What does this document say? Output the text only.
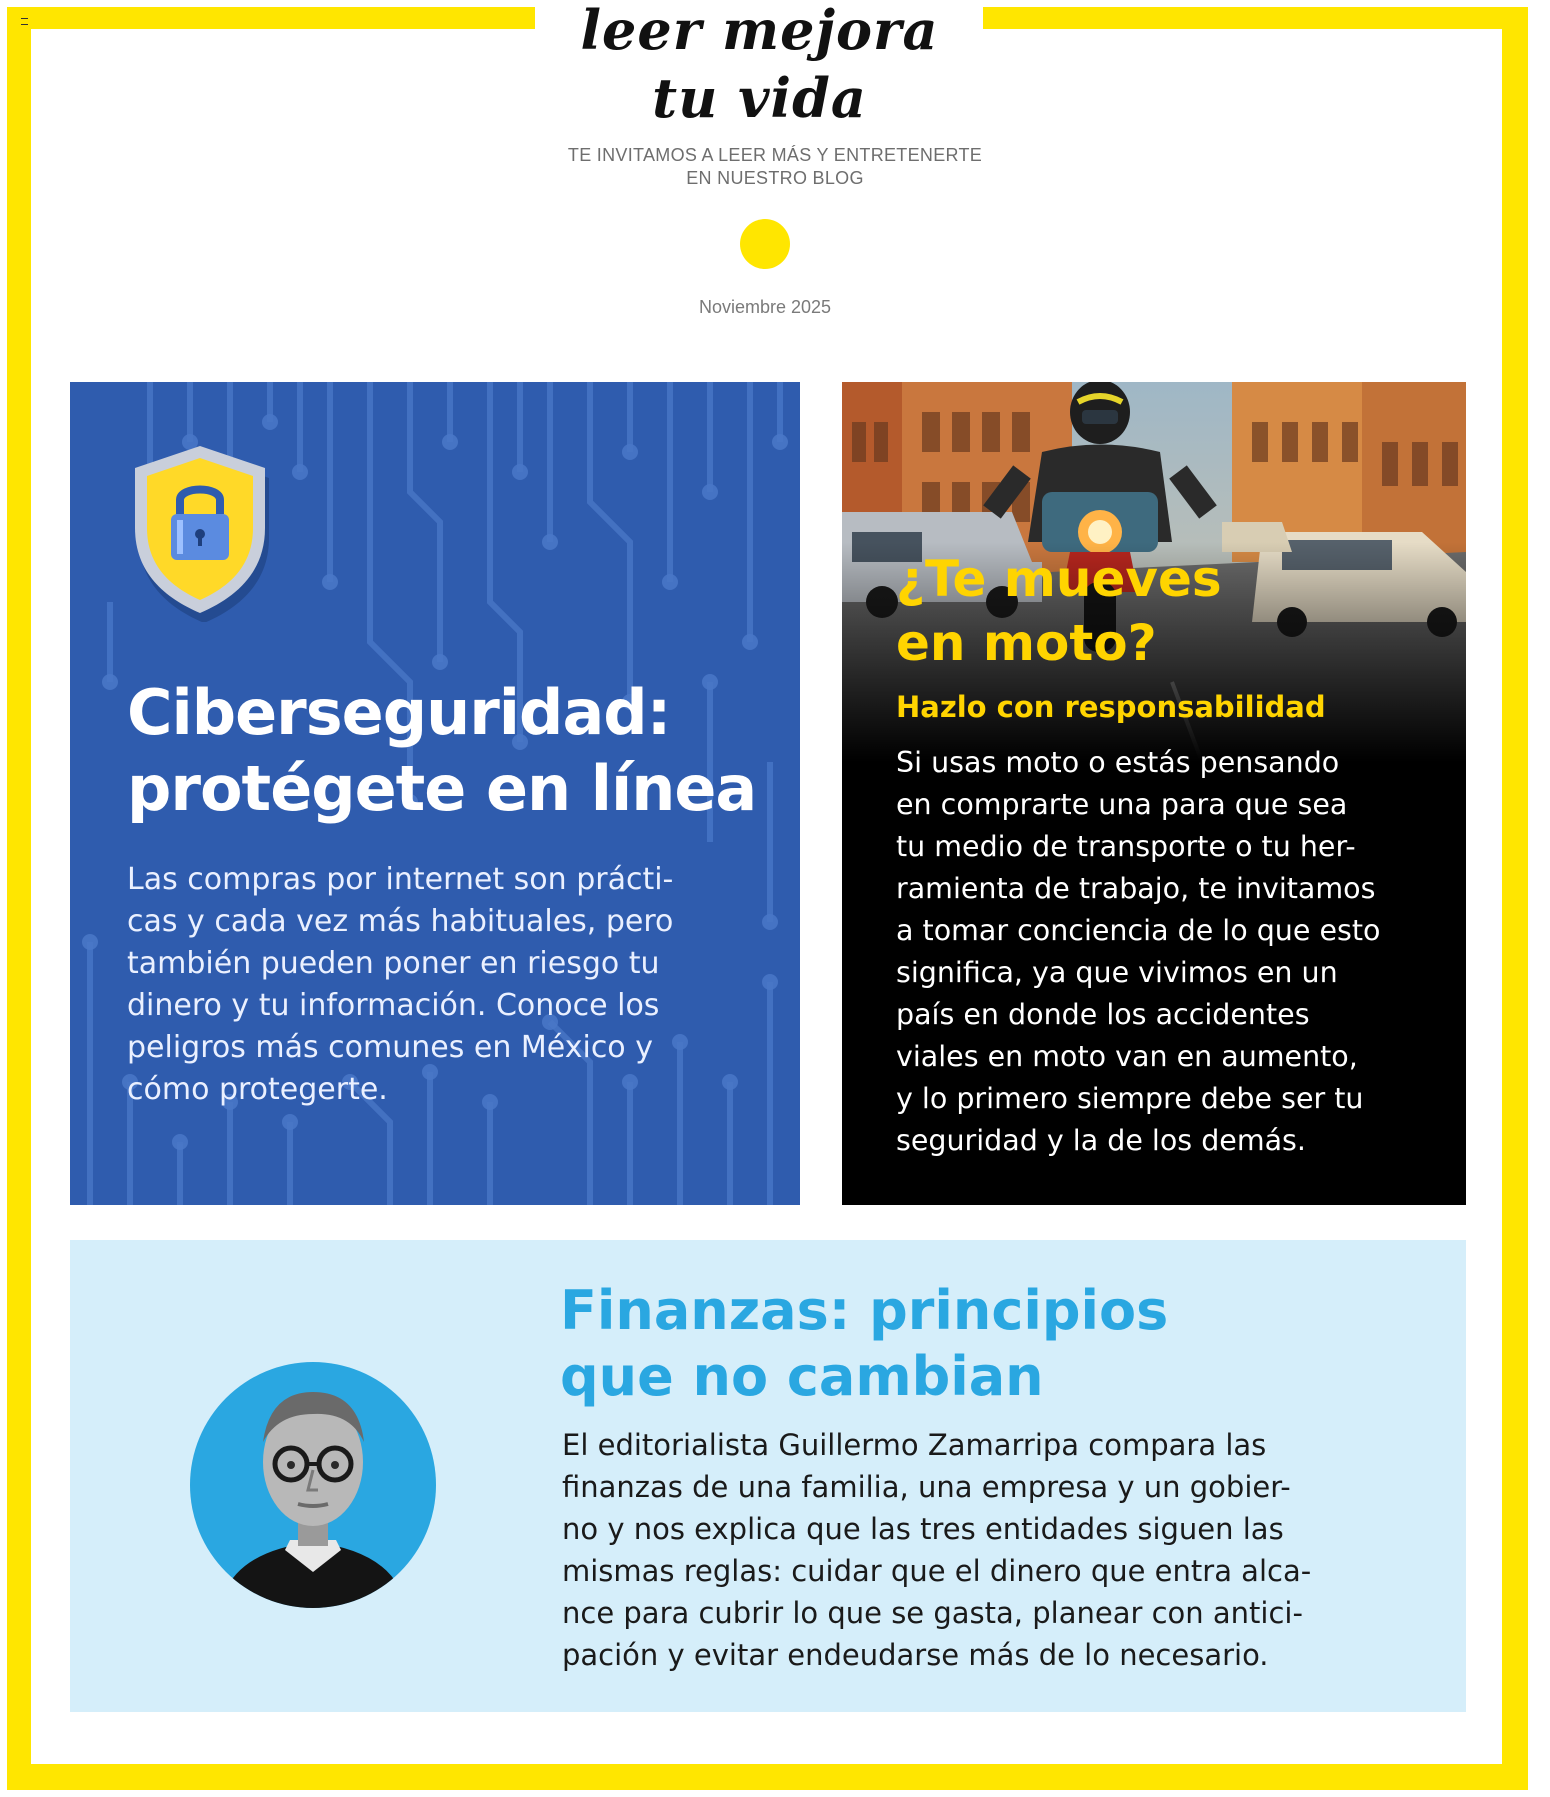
leer mejora
tu vida
TE INVITAMOS A LEER MÁS Y ENTRETENERTE
EN NUESTRO BLOG
Noviembre 2025
Ciberseguridad:
protégete en línea
Las compras por internet son prácti-
cas y cada vez más habituales, pero
también pueden poner en riesgo tu
dinero y tu información. Conoce los
peligros más comunes en México y
cómo protegerte.
¿Te mueves
en moto?
Hazlo con responsabilidad
Si usas moto o estás pensando
en comprarte una para que sea
tu medio de transporte o tu her-
ramienta de trabajo, te invitamos
a tomar conciencia de lo que esto
significa, ya que vivimos en un
país en donde los accidentes
viales en moto van en aumento,
y lo primero siempre debe ser tu
seguridad y la de los demás.
Finanzas: principios
que no cambian
El editorialista Guillermo Zamarripa compara las
finanzas de una familia, una empresa y un gobier-
no y nos explica que las tres entidades siguen las
mismas reglas: cuidar que el dinero que entra alca-
nce para cubrir lo que se gasta, planear con antici-
pación y evitar endeudarse más de lo necesario.
